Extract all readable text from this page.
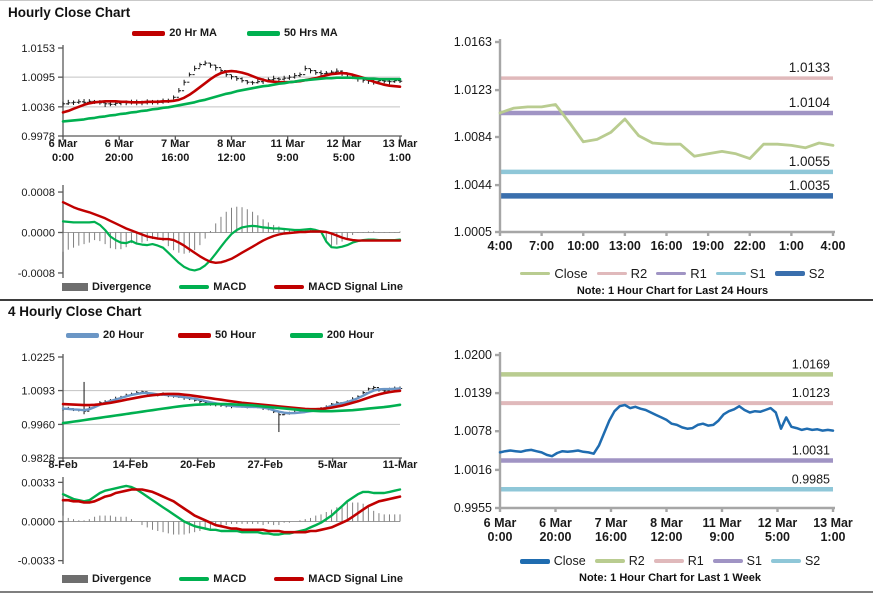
Hourly Close Chart
4 Hourly Close Chart
1.0153
1.0095
1.0036
0.9978
6 Mar 0:00
6 Mar 20:00
7 Mar 16:00
8 Mar 12:00
11 Mar 9:00
12 Mar 5:00
13 Mar 1:00
0.0008
0.0000
-0.0008
1.0163
1.0123
1.0084
1.0044
1.0005
4:00 7:00 10:00 13:00 16:00 19:00 22:00 1:00 4:00
1.0133
1.0104
1.0055
1.0035
1.0225
1.0093
0.9960
0.9828
8-Feb	14-Feb	20-Feb	27-Feb	5-Mar	11-Mar
0.0033
0.0000
-0.0033
1.0200
1.0139
1.0078
1.0016
0.9955
6 Mar 0:00
6 Mar 20:00
7 Mar 16:00
8 Mar 12:00
11 Mar 9:00
12 Mar 5:00
13 Mar 1:00
1.0169
1.0123
1.0031
0.9985
20 Hr MA	50 Hrs MA
Divergence	MACD	MACD Signal Line
Close	R2	R1	S1	S2
Note: 1 Hour Chart for Last 24 Hours
20 Hour	50 Hour	200 Hour
Divergence	MACD	MACD Signal Line
Close	R2	R1	S1	S2
Note: 1 Hour Chart for Last 1 Week
